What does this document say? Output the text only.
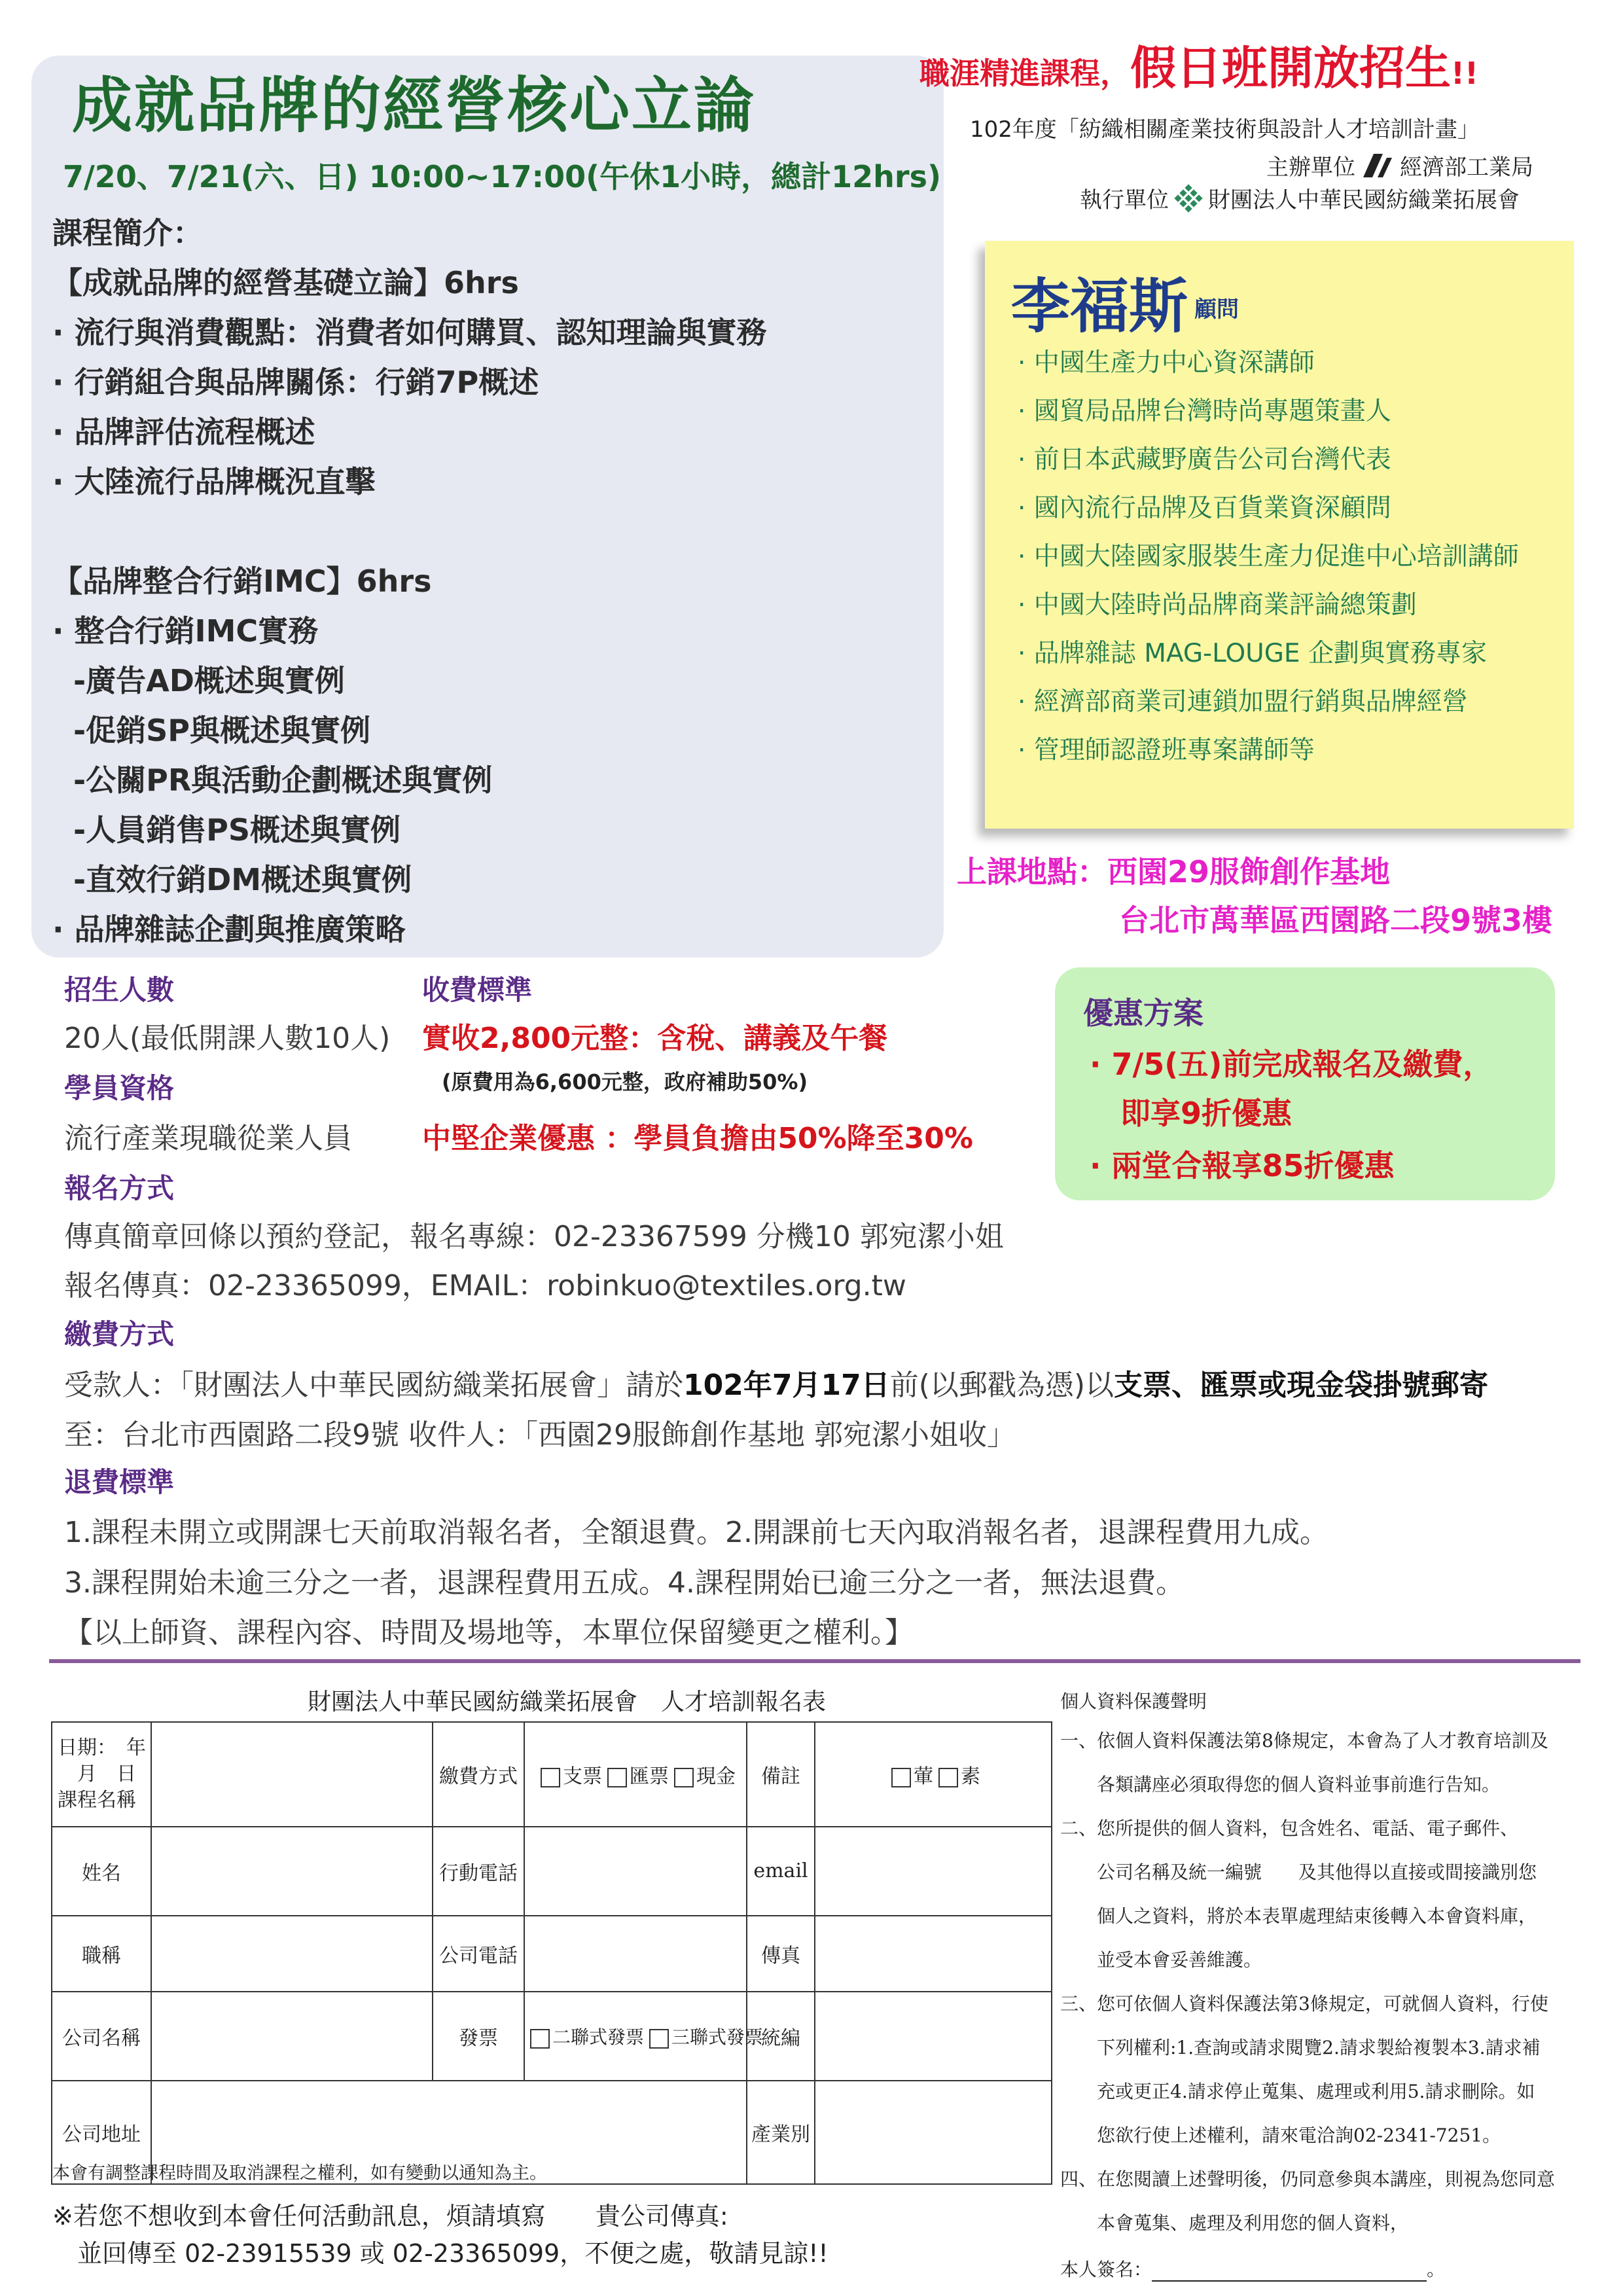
成就品牌的經營核心立論
7/20、7/21(六、日) 10:00~17:00(午休1小時，總計12hrs)
課程簡介：
【成就品牌的經營基礎立論】6hrs
· 流行與消費觀點：消費者如何購買、認知理論與實務
· 行銷組合與品牌關係：行銷7P概述
· 品牌評估流程概述
· 大陸流行品牌概況直擊
【品牌整合行銷IMC】6hrs
· 整合行銷IMC實務
-廣告AD概述與實例
-促銷SP與概述與實例
-公關PR與活動企劃概述與實例
-人員銷售PS概述與實例
-直效行銷DM概述與實例
· 品牌雜誌企劃與推廣策略
職涯精進課程，假日班開放招生!!
102年度「紡織相關產業技術與設計人才培訓計畫」
主辦單位 經濟部工業局
執行單位 財團法人中華民國紡織業拓展會
李福斯 顧問
· 中國生產力中心資深講師
· 國貿局品牌台灣時尚專題策畫人
· 前日本武藏野廣告公司台灣代表
· 國內流行品牌及百貨業資深顧問
· 中國大陸國家服裝生產力促進中心培訓講師
· 中國大陸時尚品牌商業評論總策劃
· 品牌雜誌 MAG-LOUGE 企劃與實務專家
· 經濟部商業司連鎖加盟行銷與品牌經營
· 管理師認證班專案講師等
上課地點：西園29服飾創作基地
台北市萬華區西園路二段9號3樓
招生人數
20人(最低開課人數10人)
學員資格
流行產業現職從業人員
收費標準
實收2,800元整：含稅、講義及午餐
(原費用為6,600元整，政府補助50%)
中堅企業優惠 ：學員負擔由50%降至30%
優惠方案
· 7/5(五)前完成報名及繳費，
即享9折優惠
· 兩堂合報享85折優惠
報名方式
傳真簡章回條以預約登記，報名專線：02-23367599 分機10 郭宛潔小姐
報名傳真：02-23365099，EMAIL：robinkuo@textiles.org.tw
繳費方式
受款人：「財團法人中華民國紡織業拓展會」請於102年7月17日前(以郵戳為憑)以支票、匯票或現金袋掛號郵寄
至：台北市西園路二段9號 收件人：「西園29服飾創作基地 郭宛潔小姐收」
退費標準
1.課程未開立或開課七天前取消報名者，全額退費。2.開課前七天內取消報名者，退課程費用九成。
3.課程開始未逾三分之一者，退課程費用五成。4.課程開始已逾三分之一者，無法退費。
【以上師資、課程內容、時間及場地等，本單位保留變更之權利。】
財團法人中華民國紡織業拓展會　人才培訓報名表
日期：　年
　月　日
課程名稱		繳費方式	支票 匯票 現金	備註	葷 素
姓名		行動電話		email	
職稱		公司電話		傳真	
公司名稱		發票	二聯式發票 三聯式發票	統編	
公司地址				產業別	
本會有調整課程時間及取消課程之權利，如有變動以通知為主。
※若您不想收到本會任何活動訊息，煩請填寫　　貴公司傳真:
並回傳至 02-23915539 或 02-23365099，不便之處，敬請見諒!!
個人資料保護聲明
一、依個人資料保護法第8條規定，本會為了人才教育培訓及
　　各類講座必須取得您的個人資料並事前進行告知。
二、您所提供的個人資料，包含姓名、電話、電子郵件、
　　公司名稱及統一編號　　及其他得以直接或間接識別您
　　個人之資料，將於本表單處理結束後轉入本會資料庫，
　　並受本會妥善維護。
三、您可依個人資料保護法第3條規定，可就個人資料，行使
　　下列權利:1.查詢或請求閱覽2.請求製給複製本3.請求補
　　充或更正4.請求停止蒐集、處理或利用5.請求刪除。如
　　您欲行使上述權利，請來電洽詢02-2341-7251。
四、在您閱讀上述聲明後，仍同意參與本講座，則視為您同意
　　本會蒐集、處理及利用您的個人資料，
本人簽名：	。
